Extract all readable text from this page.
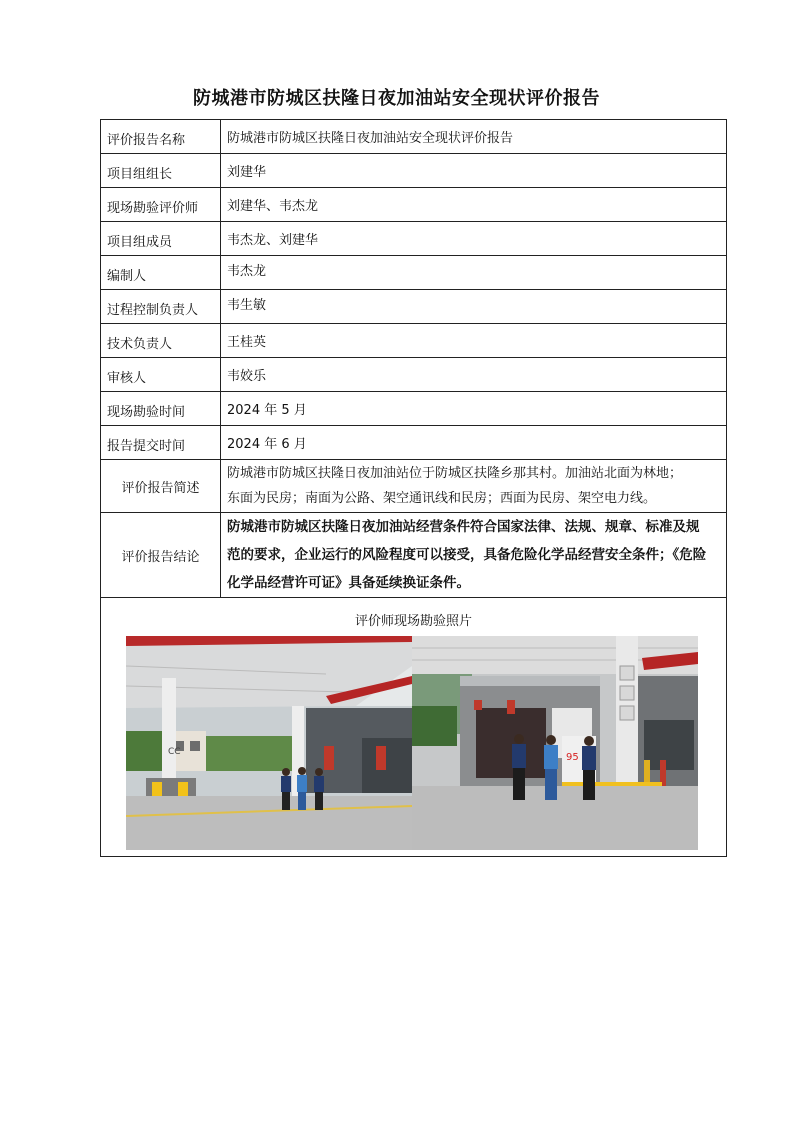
防城港市防城区扶隆日夜加油站安全现状评价报告
评价报告名称	防城港市防城区扶隆日夜加油站安全现状评价报告
项目组组长	刘建华
现场勘验评价师	刘建华、韦杰龙
项目组成员	韦杰龙、刘建华
编制人	韦杰龙
过程控制负责人	韦生敏
技术负责人	王桂英
审核人	韦姣乐
现场勘验时间	2024 年 5 月
报告提交时间	2024 年 6 月
评价报告简述	防城港市防城区扶隆日夜加油站位于防城区扶隆乡那其村。加油站北面为林地；
东面为民房；南面为公路、架空通讯线和民房；西面为民房、架空电力线。

评价报告结论	防城港市防城区扶隆日夜加油站经营条件符合国家法律、法规、规章、标准及规
范的要求，企业运行的风险程度可以接受，具备危险化学品经营安全条件；《危险
化学品经营许可证》具备延续换证条件。

评价师现场勘验照片
CC 95	
